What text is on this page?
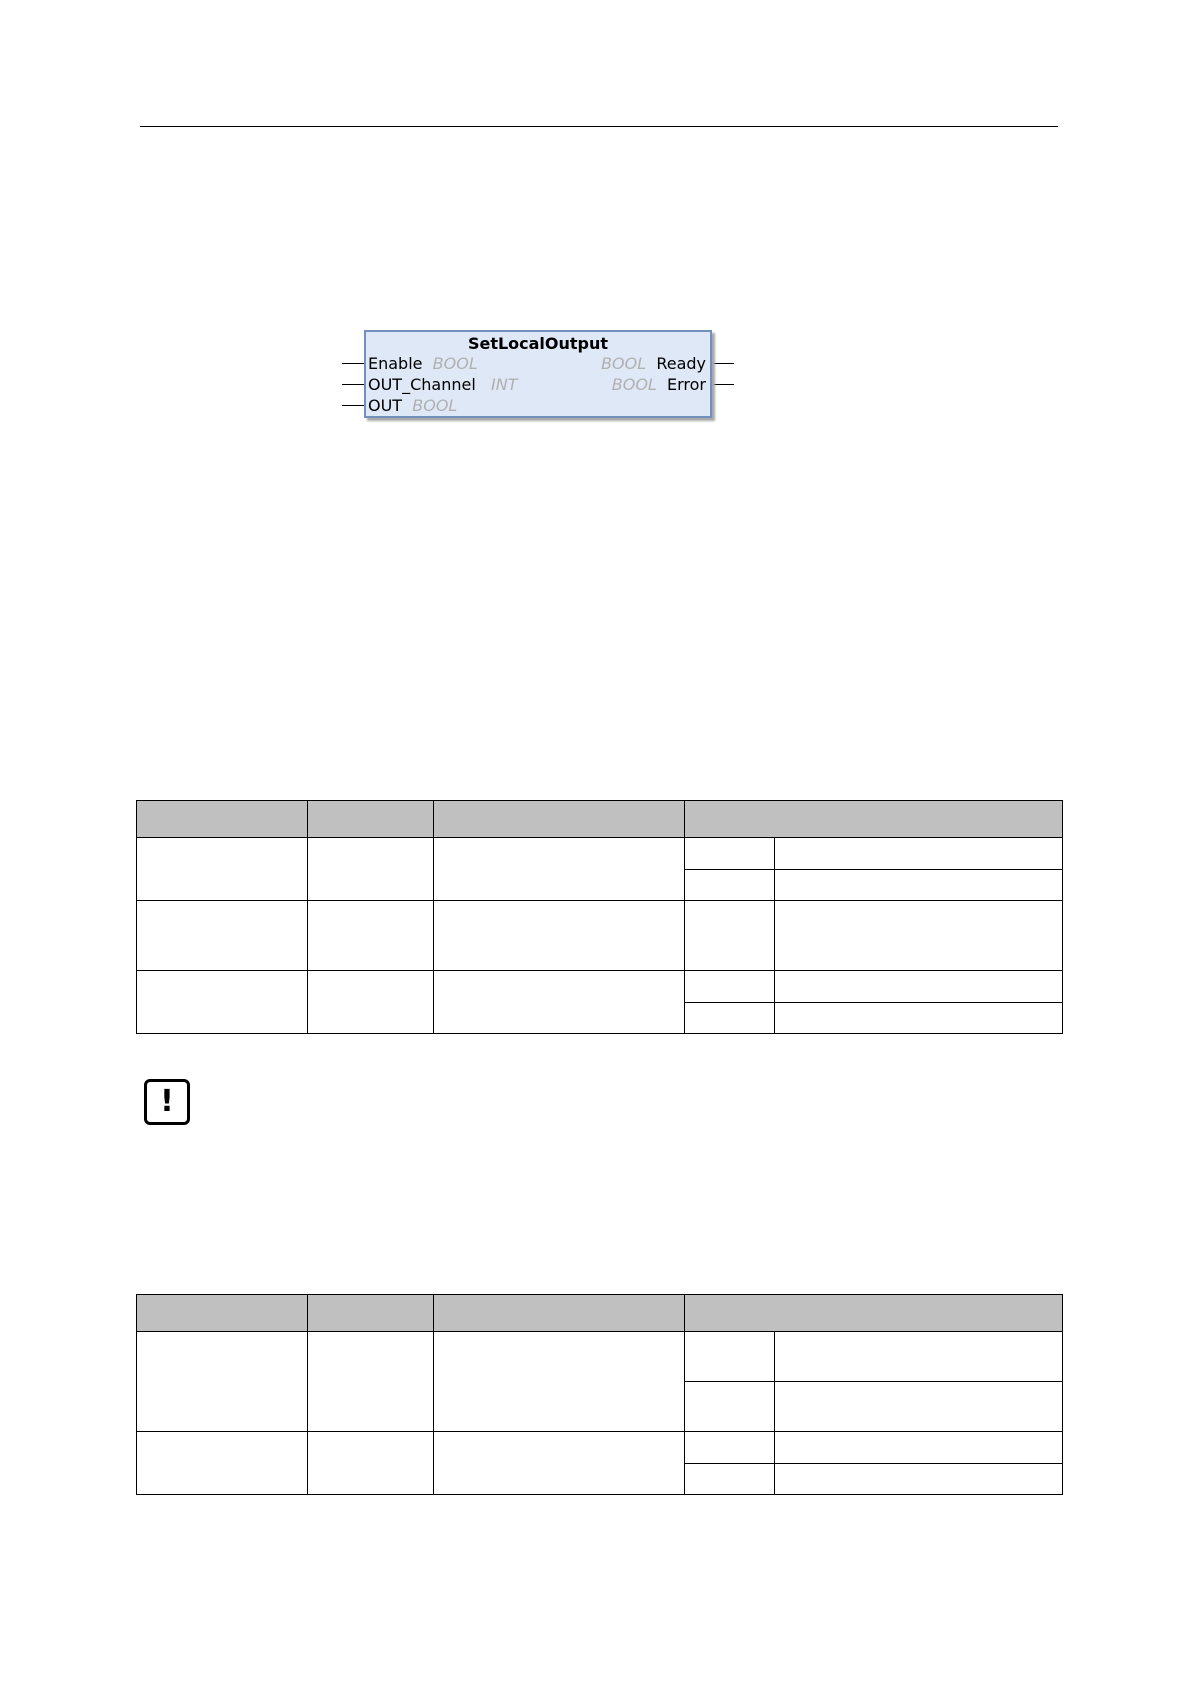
SetLocalOutput
Enable BOOL
OUT_Channel INT
OUT BOOL
BOOL Ready
BOOL Error

!
